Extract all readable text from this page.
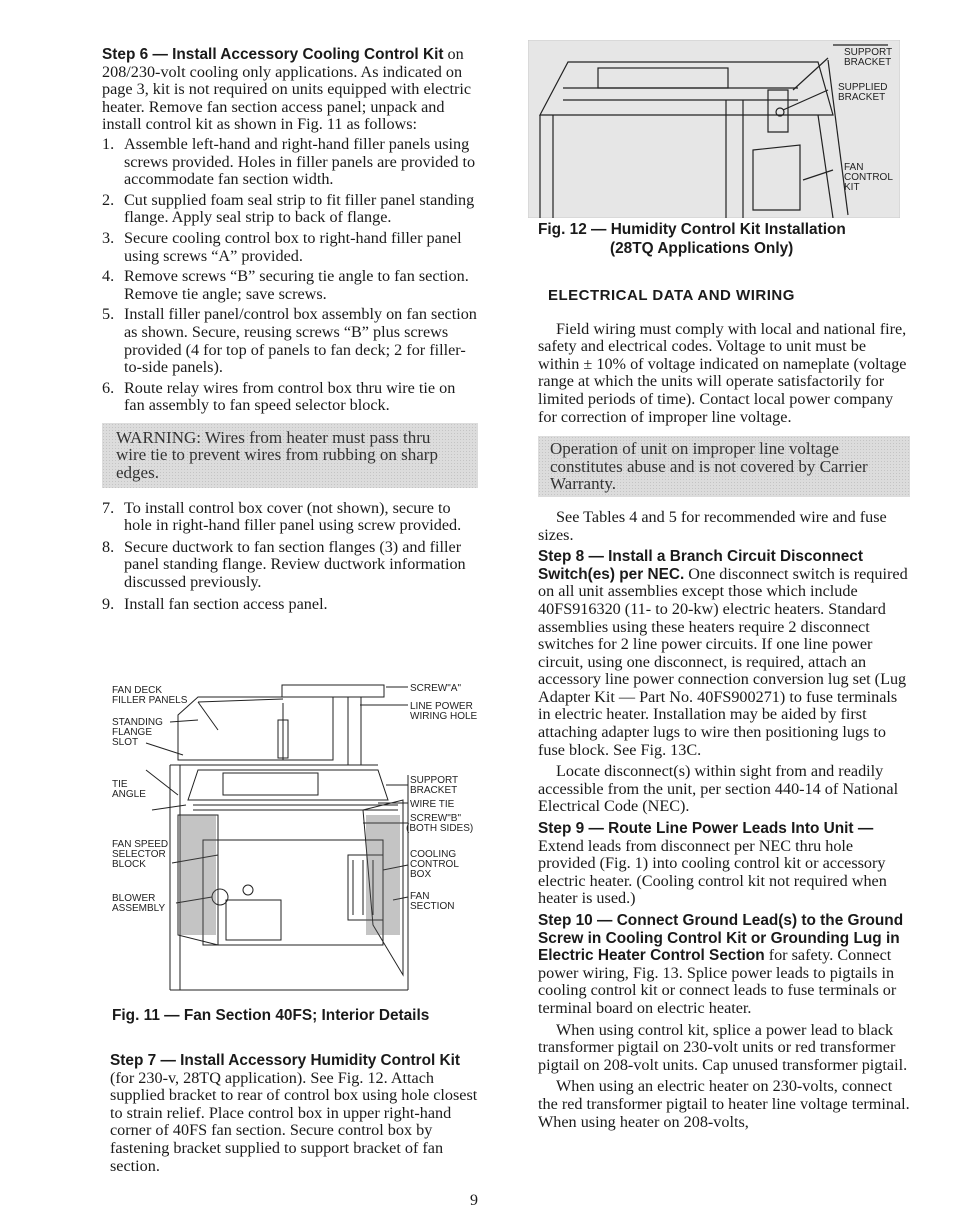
Step 6 — Install Accessory Cooling Control Kit on 208/230-volt cooling only applications. As indicated on page 3, kit is not required on units equipped with electric heater. Remove fan section access panel; unpack and install control kit as shown in Fig. 11 as follows:

1. Assemble left-hand and right-hand filler panels using screws provided. Holes in filler panels are provided to accommodate fan section width.
2. Cut supplied foam seal strip to fit filler panel standing flange. Apply seal strip to back of flange.
3. Secure cooling control box to right-hand filler panel using screws “A” provided.
4. Remove screws “B” securing tie angle to fan section. Remove tie angle; save screws.
5. Install filler panel/control box assembly on fan section as shown. Secure, reusing screws “B” plus screws provided (4 for top of panels to fan deck; 2 for filler-to-side panels).
6. Route relay wires from control box thru wire tie on fan assembly to fan speed selector block.
WARNING: Wires from heater must pass thru wire tie to prevent wires from rubbing on sharp edges.
7. To install control box cover (not shown), secure to hole in right-hand filler panel using screw provided.
8. Secure ductwork to fan section flanges (3) and filler panel standing flange. Review ductwork information discussed previously.
9. Install fan section access panel.
FAN DECK
FILLER PANELS
STANDING
FLANGE
SLOT
TIE
ANGLE
FAN SPEED
SELECTOR
BLOCK
BLOWER
ASSEMBLY
SCREW"A"
LINE POWER
WIRING HOLE
SUPPORT
BRACKET
WIRE TIE
SCREW"B"
(BOTH SIDES)
COOLING
CONTROL
BOX
FAN
SECTION
Fig. 11 — Fan Section 40FS; Interior Details

Step 7 — Install Accessory Humidity Control Kit (for 230-v, 28TQ application). See Fig. 12. Attach supplied bracket to rear of control box using hole closest to strain relief. Place control box in upper right-hand corner of 40FS fan section. Secure control box by fastening bracket supplied to support bracket of fan section.

SUPPORT
BRACKET
SUPPLIED
BRACKET
FAN
CONTROL
KIT
Fig. 12 — Humidity Control Kit Installation
(28TQ Applications Only)
ELECTRICAL DATA AND WIRING

Field wiring must comply with local and national fire, safety and electrical codes. Voltage to unit must be within ± 10% of voltage indicated on nameplate (voltage range at which the units will operate satisfactorily for limited periods of time). Contact local power company for correction of improper line voltage.

Operation of unit on improper line voltage constitutes abuse and is not covered by Carrier Warranty.

See Tables 4 and 5 for recommended wire and fuse sizes.

Step 8 — Install a Branch Circuit Disconnect Switch(es) per NEC. One disconnect switch is required on all unit assemblies except those which include 40FS916320 (11- to 20-kw) electric heaters. Standard assemblies using these heaters require 2 disconnect switches for 2 line power circuits. If one line power circuit, using one disconnect, is required, attach an accessory line power connection conversion lug set (Lug Adapter Kit — Part No. 40FS900271) to fuse terminals in electric heater. Installation may be aided by first attaching adapter lugs to wire then positioning lugs to fuse block. See Fig. 13C.

Locate disconnect(s) within sight from and readily accessible from the unit, per section 440-14 of National Electrical Code (NEC).

Step 9 — Route Line Power Leads Into Unit — Extend leads from disconnect per NEC thru hole provided (Fig. 1) into cooling control kit or accessory electric heater. (Cooling control kit not required when heater is used.)

Step 10 — Connect Ground Lead(s) to the Ground Screw in Cooling Control Kit or Grounding Lug in Electric Heater Control Section for safety. Connect power wiring, Fig. 13. Splice power leads to pigtails in cooling control kit or connect leads to fuse terminals or terminal board on electric heater.

When using control kit, splice a power lead to black transformer pigtail on 230-volt units or red transformer pigtail on 208-volt units. Cap unused transformer pigtail.

When using an electric heater on 230-volts, connect the red transformer pigtail to heater line voltage terminal. When using heater on 208-volts,

9
